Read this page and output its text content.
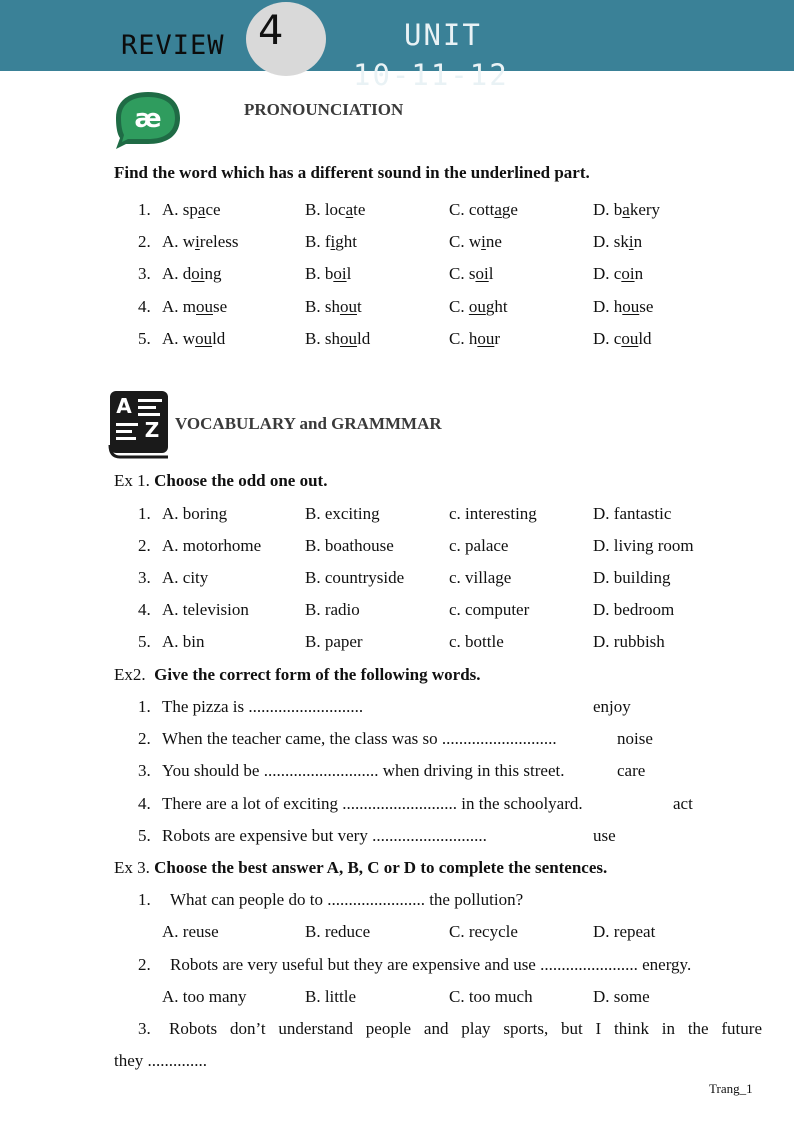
REVIEW	UNIT
10-11-12
4
æ	PRONOUNCIATION
Find the word which has a different sound in the underlined part.
A
Z VOCABULARY and GRAMMMAR
Ex 1. Choose the odd one out.
Ex2. Give the correct form of the following words.
Ex 3. Choose the best answer A, B, C or D to complete the sentences.
1. What can people do to ....................... the pollution?
A. reuse	B. reduce	C. recycle	D. repeat
2. Robots are very useful but they are expensive and use ....................... energy.
A. too many	B. little	C. too much	D. some
3. Robots  don’t  understand  people  and  play  sports,  but  I  think  in  the  future
they ..............
Trang_1
1. A. space	B. locate	C. cottage	D. bakery
2. A. wireless	B. fight	C. wine	D. skin
3. A. doing	B. boil	C. soil	D. coin
4. A. mouse	B. shout	C. ought	D. house
5. A. would	B. should	C. hour	D. could
1. A. boring	B. exciting	c. interesting	D. fantastic
2. A. motorhome	B. boathouse	c. palace	D. living room
3. A. city	B. countryside	c. village	D. building
4. A. television	B. radio	c. computer	D. bedroom
5. A. bin	B. paper	c. bottle	D. rubbish
1. The pizza is ...........................	enjoy
2. When the teacher came, the class was so ...........................	noise
3. You should be ........................... when driving in this street.	care
4. There are a lot of exciting ........................... in the schoolyard.	act
5. Robots are expensive but very ...........................	use
